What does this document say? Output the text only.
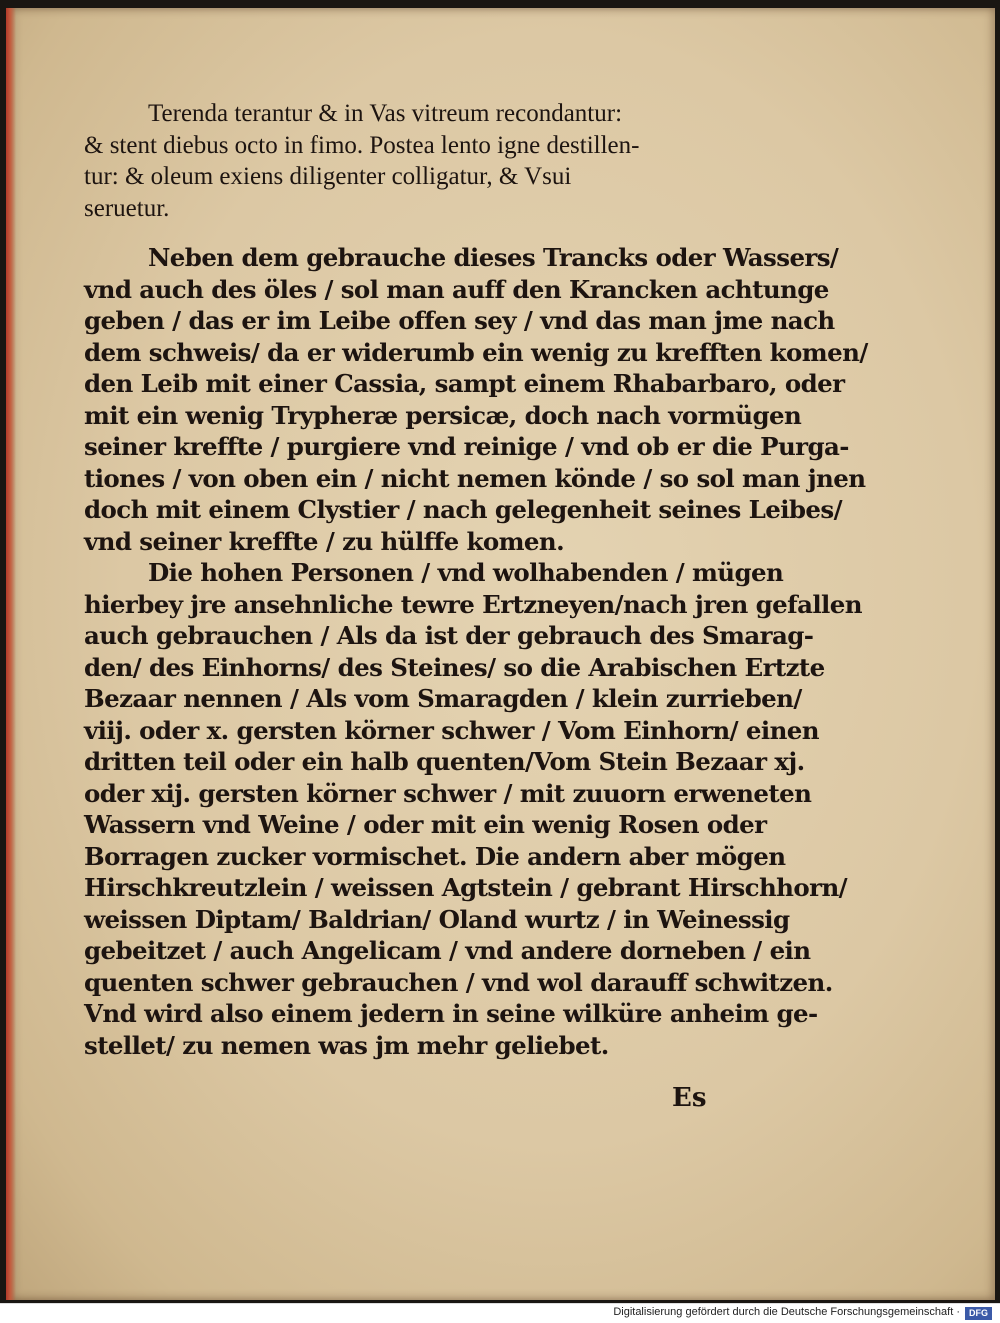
Terenda terantur & in Vas vitreum recondantur:
& stent diebus octo in fimo. Postea lento igne destillen-
tur: & oleum exiens diligenter colligatur, & Vsui
seruetur.
Neben dem gebrauche dieses Trancks oder Wassers/
vnd auch des öles / sol man auff den Krancken achtunge
geben / das er im Leibe offen sey / vnd das man jme nach
dem schweis/ da er widerumb ein wenig zu krefften komen/
den Leib mit einer Cassia, sampt einem Rhabarbaro, oder
mit ein wenig Trypheræ persicæ, doch nach vormügen
seiner kreffte / purgiere vnd reinige / vnd ob er die Purga-
tiones / von oben ein / nicht nemen könde / so sol man jnen
doch mit einem Clystier / nach gelegenheit seines Leibes/
vnd seiner kreffte / zu hülffe komen.
Die hohen Personen / vnd wolhabenden / mügen
hierbey jre ansehnliche tewre Ertzneyen/nach jren gefallen
auch gebrauchen / Als da ist der gebrauch des Smarag-
den/ des Einhorns/ des Steines/ so die Arabischen Ertzte
Bezaar nennen / Als vom Smaragden / klein zurrieben/
viij. oder x. gersten körner schwer / Vom Einhorn/ einen
dritten teil oder ein halb quenten/Vom Stein Bezaar xj.
oder xij. gersten körner schwer / mit zuuorn erweneten
Wassern vnd Weine / oder mit ein wenig Rosen oder
Borragen zucker vormischet. Die andern aber mögen
Hirschkreutzlein / weissen Agtstein / gebrant Hirschhorn/
weissen Diptam/ Baldrian/ Oland wurtz / in Weinessig
gebeitzet / auch Angelicam / vnd andere dorneben / ein
quenten schwer gebrauchen / vnd wol darauff schwitzen.
Vnd wird also einem jedern in seine wilküre anheim ge-
stellet/ zu nemen was jm mehr geliebet.
Es
Digitalisierung gefördert durch die Deutsche Forschungsgemeinschaft ·	DFG
